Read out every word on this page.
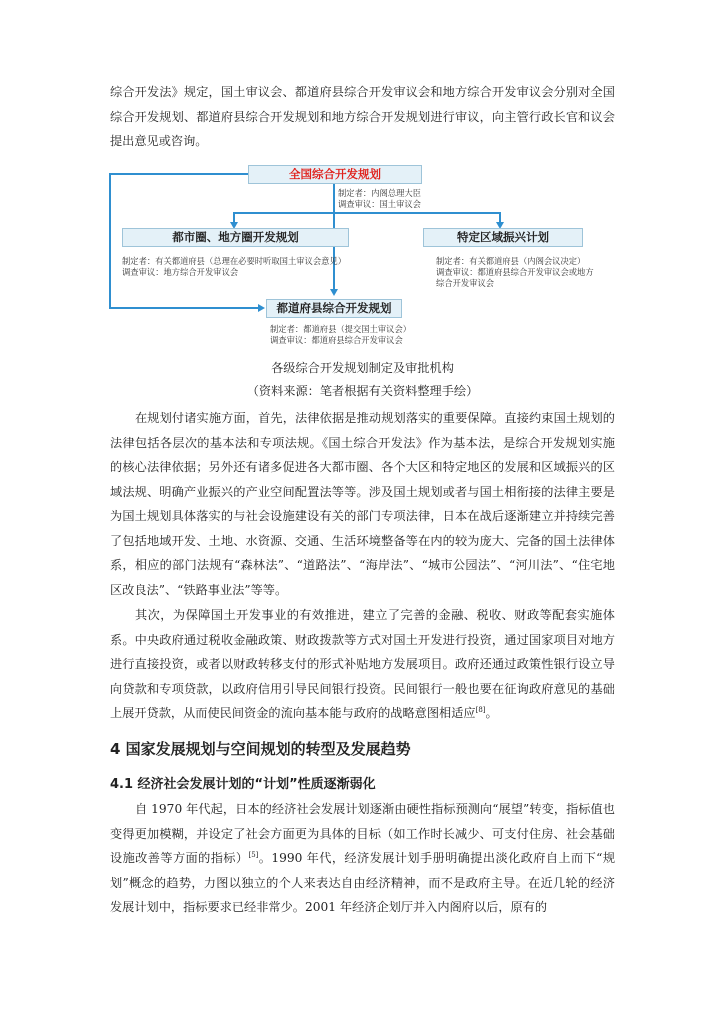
综合开发法》规定，国土审议会、都道府县综合开发审议会和地方综合开发审议会分别对全国综合开发规划、都道府县综合开发规划和地方综合开发规划进行审议，向主管行政长官和议会提出意见或咨询。

全国综合开发规划
制定者：内阁总理大臣
调查审议：国土审议会
都市圈、地方圈开发规划
制定者：有关都道府县（总理在必要时听取国土审议会意见）
调查审议：地方综合开发审议会
特定区域振兴计划
制定者：有关都道府县（内阁会议决定）
调查审议：都道府县综合开发审议会或地方
综合开发审议会
都道府县综合开发规划
制定者：都道府县（提交国土审议会）
调查审议：都道府县综合开发审议会

各级综合开发规划制定及审批机构

（资料来源：笔者根据有关资料整理手绘）

在规划付诸实施方面，首先，法律依据是推动规划落实的重要保障。直接约束国土规划的法律包括各层次的基本法和专项法规。《国土综合开发法》作为基本法，是综合开发规划实施的核心法律依据；另外还有诸多促进各大都市圈、各个大区和特定地区的发展和区域振兴的区域法规、明确产业振兴的产业空间配置法等等。涉及国土规划或者与国土相衔接的法律主要是为国土规划具体落实的与社会设施建设有关的部门专项法律，日本在战后逐渐建立并持续完善了包括地域开发、土地、水资源、交通、生活环境整备等在内的较为庞大、完备的国土法律体系，相应的部门法规有“森林法”、“道路法”、“海岸法”、“城市公园法”、“河川法”、“住宅地区改良法”、“铁路事业法”等等。

其次，为保障国土开发事业的有效推进，建立了完善的金融、税收、财政等配套实施体系。中央政府通过税收金融政策、财政拨款等方式对国土开发进行投资，通过国家项目对地方进行直接投资，或者以财政转移支付的形式补贴地方发展项目。政府还通过政策性银行设立导向贷款和专项贷款，以政府信用引导民间银行投资。民间银行一般也要在征询政府意见的基础上展开贷款，从而使民间资金的流向基本能与政府的战略意图相适应[8]。

4 国家发展规划与空间规划的转型及发展趋势
4.1 经济社会发展计划的“计划”性质逐渐弱化

自 1970 年代起，日本的经济社会发展计划逐渐由硬性指标预测向“展望”转变，指标值也变得更加模糊，并设定了社会方面更为具体的目标（如工作时长减少、可支付住房、社会基础设施改善等方面的指标）[5]。1990 年代，经济发展计划手册明确提出淡化政府自上而下“规划”概念的趋势，力图以独立的个人来表达自由经济精神，而不是政府主导。在近几轮的经济发展计划中，指标要求已经非常少。2001 年经济企划厅并入内阁府以后，原有的
